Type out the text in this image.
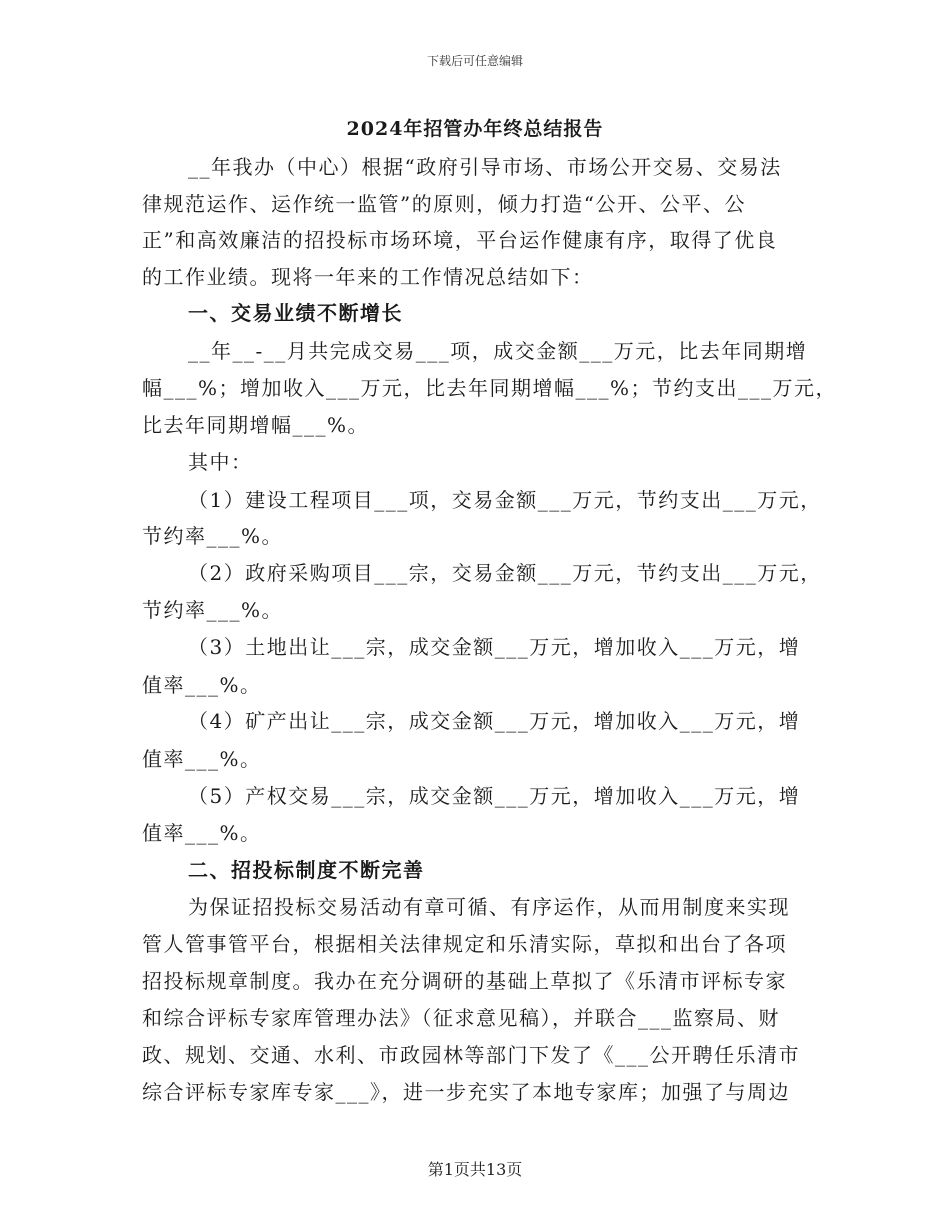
下载后可任意编辑
2024年招管办年终总结报告
__年我办（中心）根据“政府引导市场、市场公开交易、交易法
律规范运作、运作统一监管”的原则，倾力打造“公开、公平、公
正”和高效廉洁的招投标市场环境，平台运作健康有序，取得了优良
的工作业绩。现将一年来的工作情况总结如下：
一、交易业绩不断增长
__年__-__月共完成交易___项，成交金额___万元，比去年同期增
幅___%；增加收入___万元，比去年同期增幅___%；节约支出___万元，
比去年同期增幅___%。
其中：
（1）建设工程项目___项，交易金额___万元，节约支出___万元，
节约率___%。
（2）政府采购项目___宗，交易金额___万元，节约支出___万元，
节约率___%。
（3）土地出让___宗，成交金额___万元，增加收入___万元，增
值率___%。
（4）矿产出让___宗，成交金额___万元，增加收入___万元，增
值率___%。
（5）产权交易___宗，成交金额___万元，增加收入___万元，增
值率___%。
二、招投标制度不断完善
为保证招投标交易活动有章可循、有序运作，从而用制度来实现
管人管事管平台，根据相关法律规定和乐清实际，草拟和出台了各项
招投标规章制度。我办在充分调研的基础上草拟了《乐清市评标专家
和综合评标专家库管理办法》（征求意见稿），并联合___监察局、财
政、规划、交通、水利、市政园林等部门下发了《___公开聘任乐清市
综合评标专家库专家___》，进一步充实了本地专家库；加强了与周边
第1页共13页
